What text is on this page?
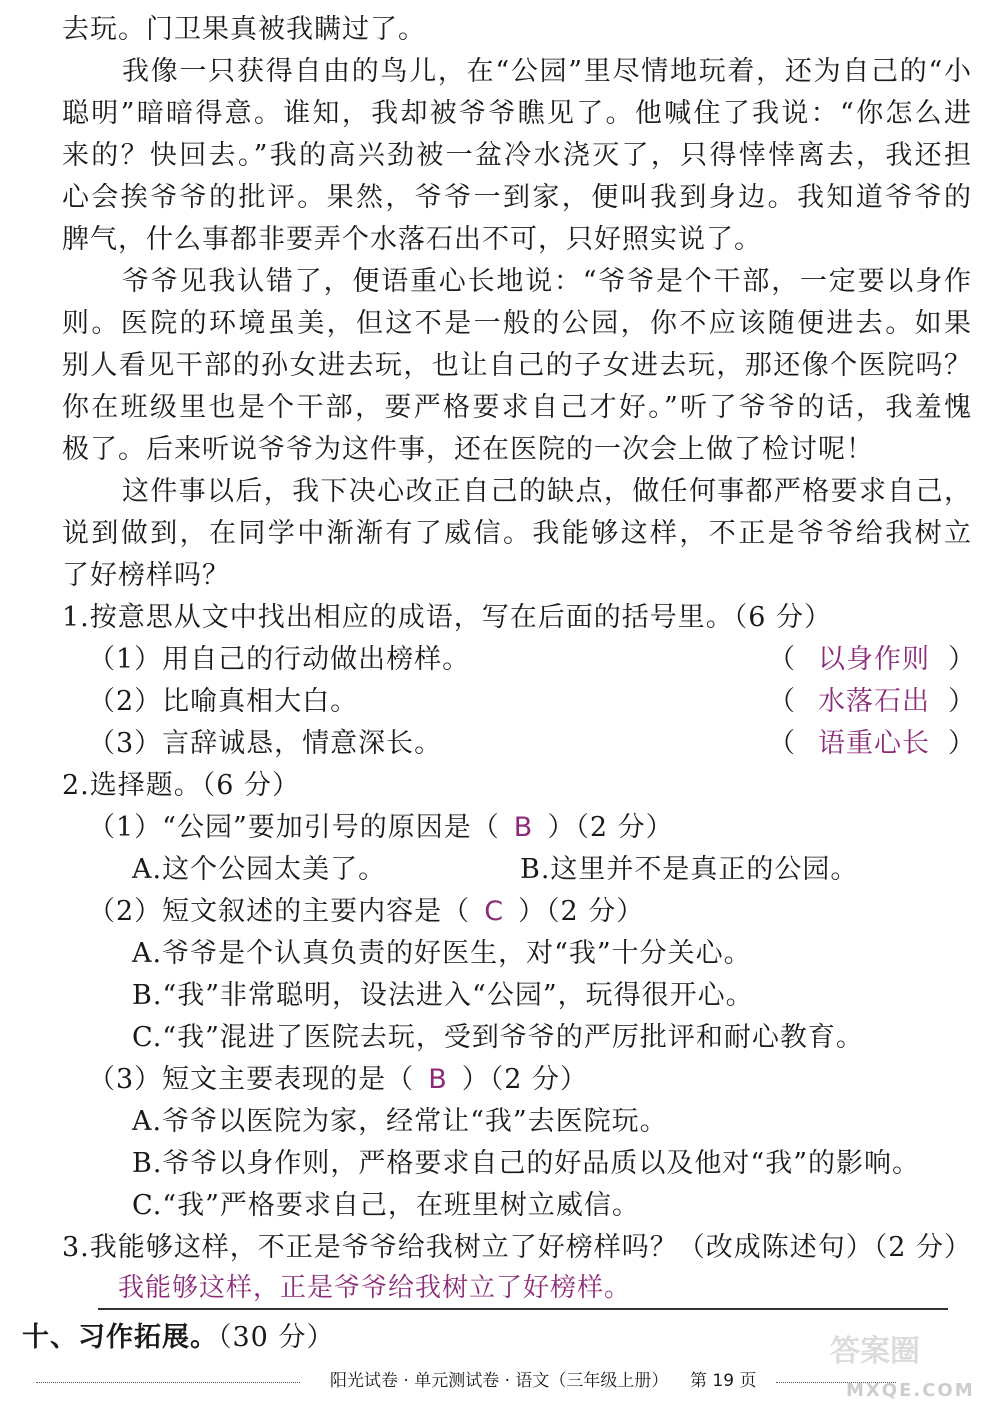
去玩。门卫果真被我瞒过了。
我像一只获得自由的鸟儿，在“公园”里尽情地玩着，还为自己的“小
聪明”暗暗得意。谁知，我却被爷爷瞧见了。他喊住了我说：“你怎么进
来的？快回去。”我的高兴劲被一盆冷水浇灭了，只得悻悻离去，我还担
心会挨爷爷的批评。果然，爷爷一到家，便叫我到身边。我知道爷爷的
脾气，什么事都非要弄个水落石出不可，只好照实说了。
爷爷见我认错了，便语重心长地说：“爷爷是个干部，一定要以身作
则。医院的环境虽美，但这不是一般的公园，你不应该随便进去。如果
别人看见干部的孙女进去玩，也让自己的子女进去玩，那还像个医院吗？
你在班级里也是个干部，要严格要求自己才好。”听了爷爷的话，我羞愧
极了。后来听说爷爷为这件事，还在医院的一次会上做了检讨呢！
这件事以后，我下决心改正自己的缺点，做任何事都严格要求自己，
说到做到，在同学中渐渐有了威信。我能够这样，不正是爷爷给我树立
了好榜样吗？
1.按意思从文中找出相应的成语，写在后面的括号里。（6 分）
（1）用自己的行动做出榜样。	（ 以身作则 ）
（2）比喻真相大白。	（ 水落石出 ）
（3）言辞诚恳，情意深长。	（ 语重心长 ）
2.选择题。（6 分）
（1）“公园”要加引号的原因是（ B ）（2 分）
A.这个公园太美了。	B.这里并不是真正的公园。
（2）短文叙述的主要内容是（ C ）（2 分）
A.爷爷是个认真负责的好医生，对“我”十分关心。
B.“我”非常聪明，设法进入“公园”，玩得很开心。
C.“我”混进了医院去玩，受到爷爷的严厉批评和耐心教育。
（3）短文主要表现的是（ B ）（2 分）
A.爷爷以医院为家，经常让“我”去医院玩。
B.爷爷以身作则，严格要求自己的好品质以及他对“我”的影响。
C.“我”严格要求自己，在班里树立威信。
3.我能够这样，不正是爷爷给我树立了好榜样吗？（改成陈述句）（2 分）
我能够这样，正是爷爷给我树立了好榜样。
十、习作拓展。（30 分）
阳光试卷 · 单元测试卷 · 语文（三年级上册） 第 19 页
答案圈
MXQE.COM
